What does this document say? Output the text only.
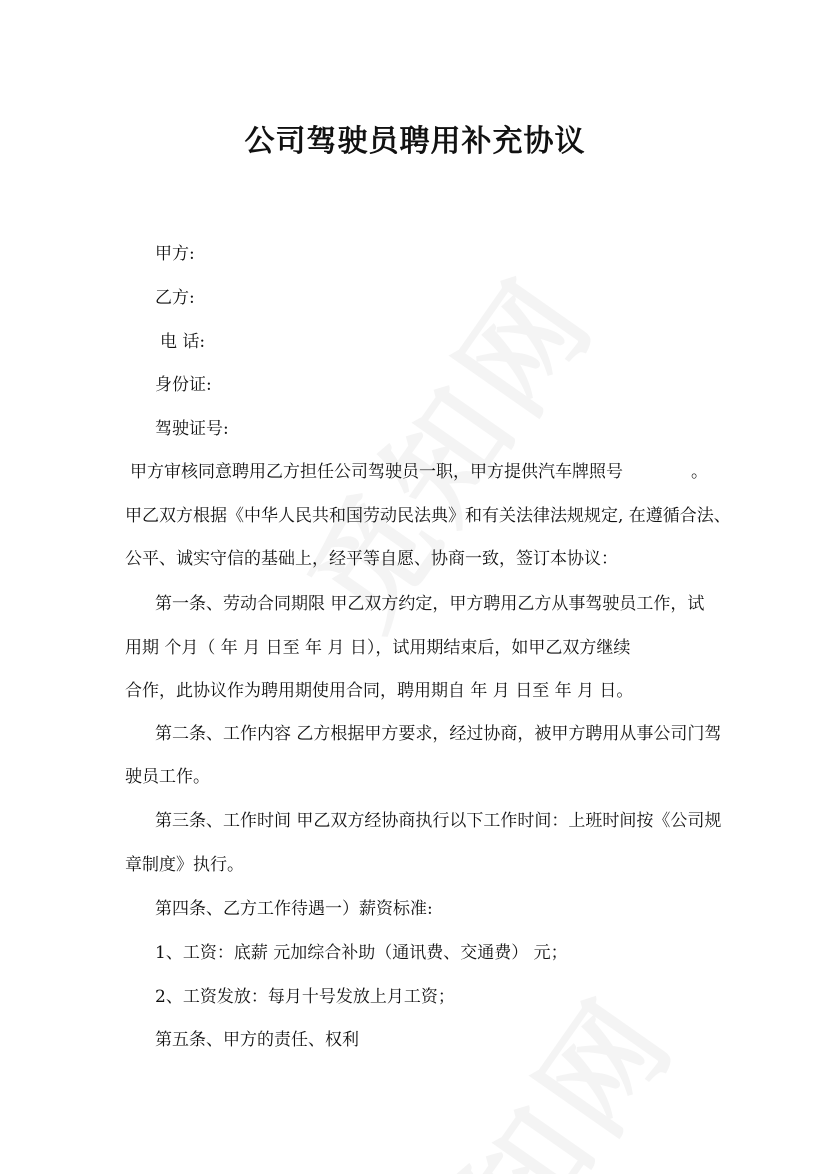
公司驾驶员聘用补充协议
甲方:
乙方:
电 话:
身份证:
驾驶证号:
甲方审核同意聘用乙方担任公司驾驶员一职，甲方提供汽车牌照号	。
甲乙双方根据《中华人民共和国劳动民法典》和有关法律法规规定, 在遵循合法、
公平、诚实守信的基础上，经平等自愿、协商一致，签订本协议：
第一条、劳动合同期限 甲乙双方约定，甲方聘用乙方从事驾驶员工作，试
用期 个月（ 年 月 日至 年 月 日），试用期结束后，如甲乙双方继续
合作，此协议作为聘用期使用合同，聘用期自 年 月 日至 年 月 日。
第二条、工作内容 乙方根据甲方要求，经过协商，被甲方聘用从事公司门驾
驶员工作。
第三条、工作时间 甲乙双方经协商执行以下工作时间：上班时间按《公司规
章制度》执行。
第四条、乙方工作待遇一）薪资标准:
1、工资：底薪 元加综合补助（通讯费、交通费） 元；
2、工资发放：每月十号发放上月工资；
第五条、甲方的责任、权利
